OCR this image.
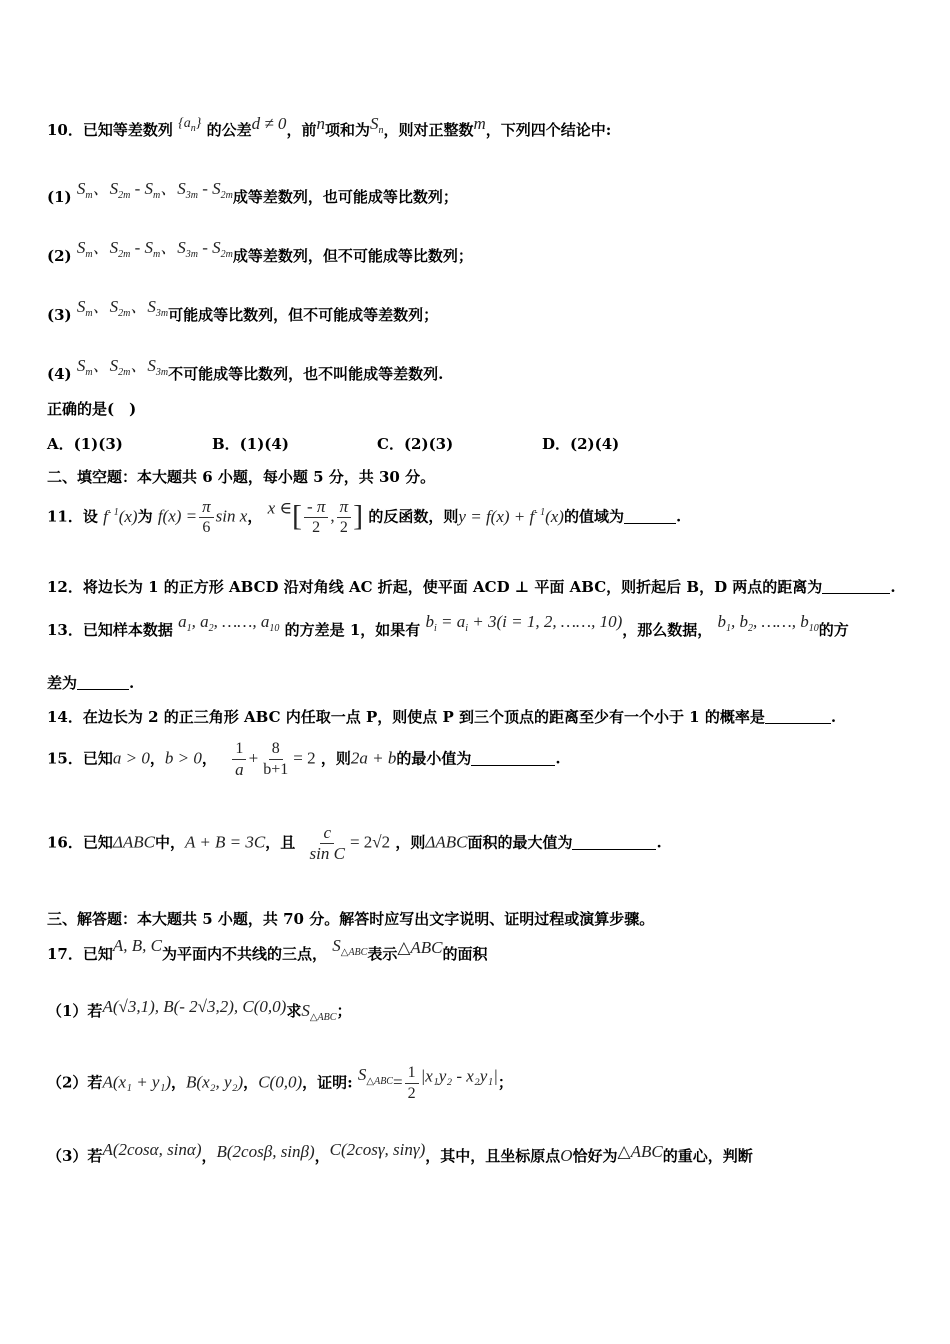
10．已知等差数列 $\{a_n\}$ 的公差d ≠ 0，前n项和为$S_n$，则对正整数m，下列四个结论中:
(1) $S_m$、$S_{2m} - S_m$、$S_{3m} - S_{2m}$成等差数列，也可能成等比数列；
(2) $S_m$、$S_{2m} - S_m$、$S_{3m} - S_{2m}$成等差数列，但不可能成等比数列；
(3) $S_m$、$S_{2m}$、$S_{3m}$可能成等比数列，但不可能成等差数列；
(4) $S_m$、$S_{2m}$、$S_{3m}$不可能成等比数列，也不叫能成等差数列.
正确的是(　)
A．(1)(3)	B．(1)(4)	C．(2)(3)	D．(2)(4)
二、填空题：本大题共 6 小题，每小题 5 分，共 30 分。
11．设 $f^{- 1}(x)$为 $f(x) = \frac{\pi}{6}$ sin x， x ∈[ $\frac{- \pi}{2}$ , $\frac{\pi}{2}$ ] 的反函数，则$y = f(x) + f^{- 1}(x)$的值域为	.
12．将边长为 1 的正方形 ABCD 沿对角线 AC 折起，使平面 ACD ⊥ 平面 ABC，则折起后 B，D 两点的距离为	.
13．已知样本数据 $a_1$, $a_2$, ……, $a_{10}$ 的方差是 1，如果有 $b_i = a_i + 3(i = 1$, 2, ……, 10)，那么数据， $b_1$, $b_2$, ……, $b_{10}$的方
差为	.
14．在边长为 2 的正三角形 ABC 内任取一点 P，则使点 P 到三个顶点的距离至少有一个小于 1 的概率是	.
15．已知a > 0，b > 0， $\frac{1}{a} + \frac{8}{b+1} = 2$ ，则2a + b的最小值为	.
16．已知ΔABC中，A + B = 3C，且 $\frac{c}{\text{sin C}} = 2√2$ ，则ΔABC面积的最大值为	.
三、解答题：本大题共 5 小题，共 70 分。解答时应写出文字说明、证明过程或演算步骤。
17．已知A, B, C为平面内不共线的三点， $S_{\triangle ABC}$表示△ABC的面积
（1）若A(√3,1), B(- 2√3,2), C(0,0)求$S_{\triangle ABC}$；
（2）若A(x₁ + y₁)，B(x₂, y₂)，C(0,0)，证明: $S_{\triangle ABC}= \frac{1}{2} |x_1y_2 - x_2y_1|$；
（3）若A(2cosα, sinα)，B(2cosβ, sinβ)，C(2cosγ, sinγ)，其中，且坐标原点O恰好为△ABC的重心，判断
